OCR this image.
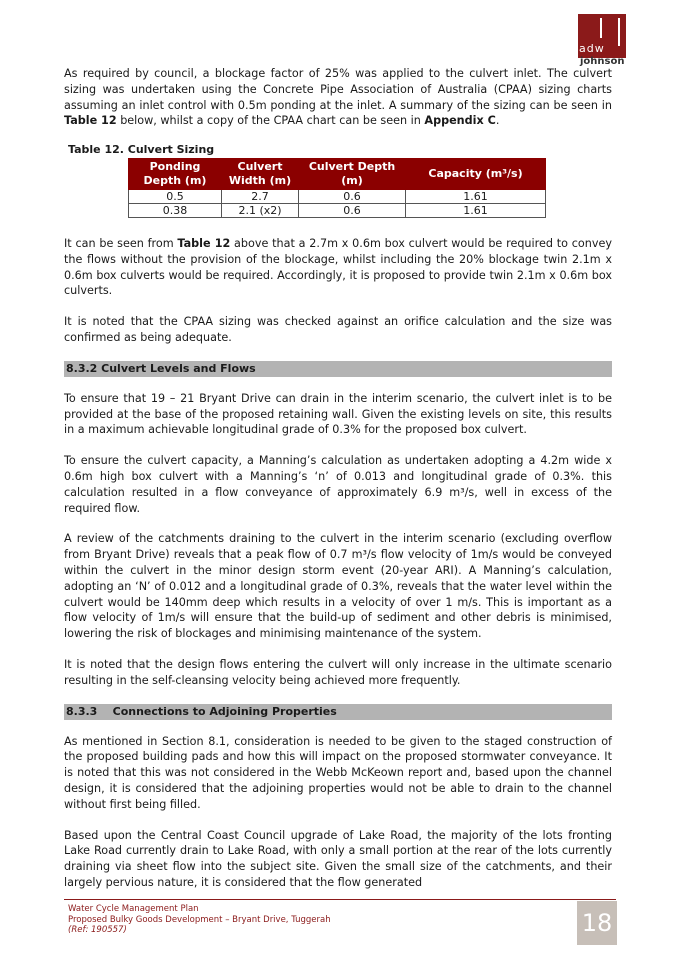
adw
johnson

As required by council, a blockage factor of 25% was applied to the culvert inlet. The culvert sizing was undertaken using the Concrete Pipe Association of Australia (CPAA) sizing charts assuming an inlet control with 0.5m ponding at the inlet. A summary of the sizing can be seen in Table 12 below, whilst a copy of the CPAA chart can be seen in Appendix C.

Table 12. Culvert Sizing
Ponding Depth (m)	Culvert Width (m)	Culvert Depth (m)	Capacity (m³/s)
0.5	2.7	0.6	1.61
0.38	2.1 (x2)	0.6	1.61

It can be seen from Table 12 above that a 2.7m x 0.6m box culvert would be required to convey the flows without the provision of the blockage, whilst including the 20% blockage twin 2.1m x 0.6m box culverts would be required. Accordingly, it is proposed to provide twin 2.1m x 0.6m box culverts.

It is noted that the CPAA sizing was checked against an orifice calculation and the size was confirmed as being adequate.

8.3.2 Culvert Levels and Flows

To ensure that 19 – 21 Bryant Drive can drain in the interim scenario, the culvert inlet is to be provided at the base of the proposed retaining wall. Given the existing levels on site, this results in a maximum achievable longitudinal grade of 0.3% for the proposed box culvert.

To ensure the culvert capacity, a Manning’s calculation as undertaken adopting a 4.2m wide x 0.6m high box culvert with a Manning’s ‘n’ of 0.013 and longitudinal grade of 0.3%. this calculation resulted in a flow conveyance of approximately 6.9 m³/s, well in excess of the required flow.

A review of the catchments draining to the culvert in the interim scenario (excluding overflow from Bryant Drive) reveals that a peak flow of 0.7 m³/s flow velocity of 1m/s would be conveyed within the culvert in the minor design storm event (20-year ARI). A Manning’s calculation, adopting an ‘N’ of 0.012 and a longitudinal grade of 0.3%, reveals that the water level within the culvert would be 140mm deep which results in a velocity of over 1 m/s. This is important as a flow velocity of 1m/s will ensure that the build-up of sediment and other debris is minimised, lowering the risk of blockages and minimising maintenance of the system.

It is noted that the design flows entering the culvert will only increase in the ultimate scenario resulting in the self-cleansing velocity being achieved more frequently.

8.3.3    Connections to Adjoining Properties

As mentioned in Section 8.1, consideration is needed to be given to the staged construction of the proposed building pads and how this will impact on the proposed stormwater conveyance. It is noted that this was not considered in the Webb McKeown report and, based upon the channel design, it is considered that the adjoining properties would not be able to drain to the channel without first being filled.

Based upon the Central Coast Council upgrade of Lake Road, the majority of the lots fronting Lake Road currently drain to Lake Road, with only a small portion at the rear of the lots currently draining via sheet flow into the subject site. Given the small size of the catchments, and their largely pervious nature, it is considered that the flow generated

Water Cycle Management Plan
Proposed Bulky Goods Development – Bryant Drive, Tuggerah
(Ref: 190557)	18
